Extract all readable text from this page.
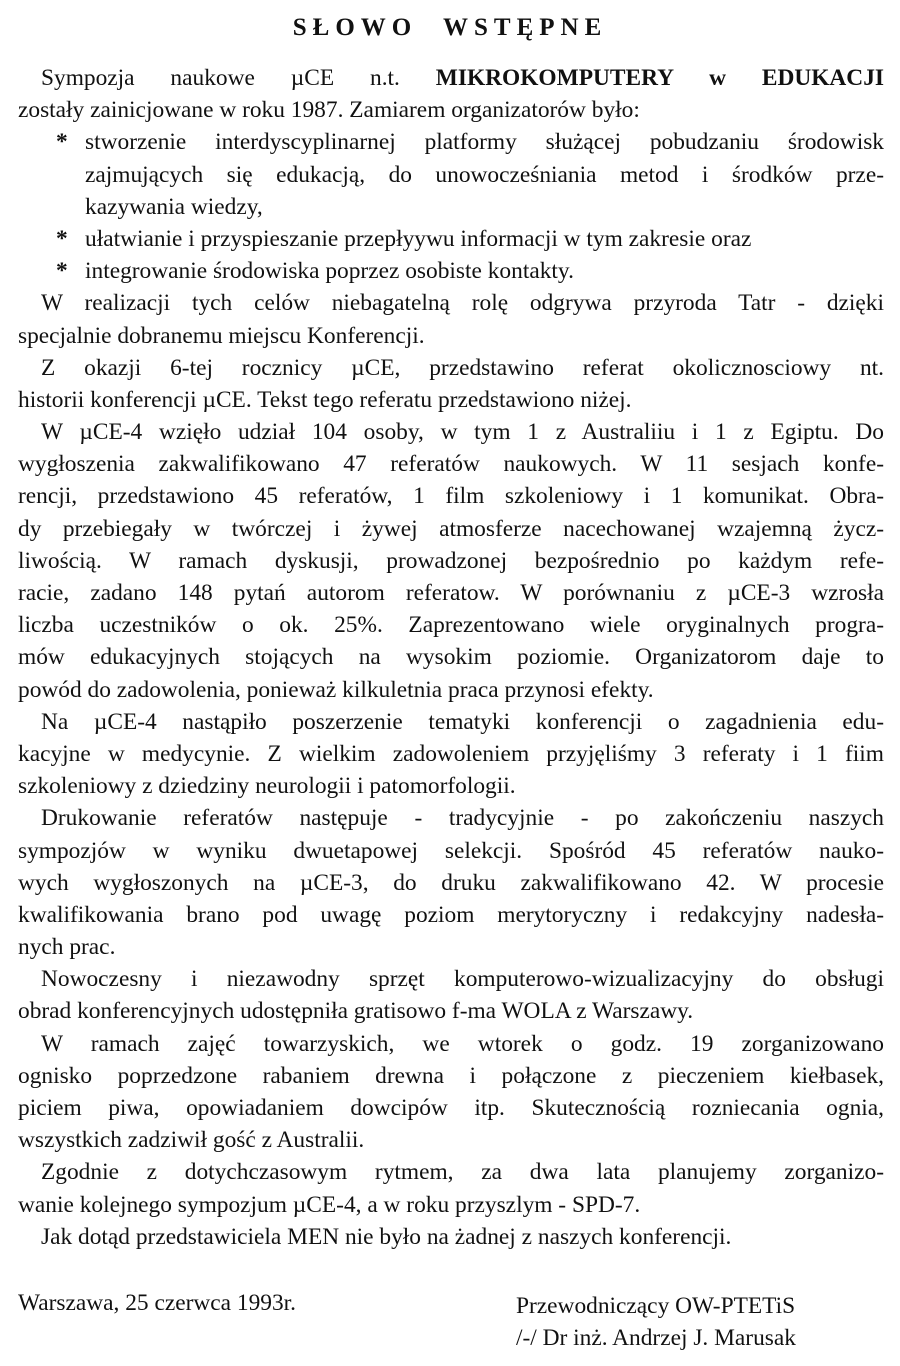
SŁOWO WSTĘPNE
Sympozja naukowe µCE n.t. MIKROKOMPUTERY w EDUKACJI
zostały zainicjowane w roku 1987. Zamiarem organizatorów było:
* stworzenie interdyscyplinarnej platformy służącej pobudzaniu środowisk
zajmujących się edukacją, do unowocześniania metod i środków prze-
kazywania wiedzy,
* ułatwianie i przyspieszanie przepłyywu informacji w tym zakresie oraz
* integrowanie środowiska poprzez osobiste kontakty.
W realizacji tych celów niebagatelną rolę odgrywa przyroda Tatr - dzięki
specjalnie dobranemu miejscu Konferencji.
Z okazji 6-tej rocznicy µCE, przedstawino referat okolicznosciowy nt.
historii konferencji µCE. Tekst tego referatu przedstawiono niżej.
W µCE-4 wzięło udział 104 osoby, w tym 1 z Australiiu i 1 z Egiptu. Do
wygłoszenia zakwalifikowano 47 referatów naukowych. W 11 sesjach konfe-
rencji, przedstawiono 45 referatów, 1 film szkoleniowy i 1 komunikat. Obra-
dy przebiegały w twórczej i żywej atmosferze nacechowanej wzajemną życz-
liwością. W ramach dyskusji, prowadzonej bezpośrednio po każdym refe-
racie, zadano 148 pytań autorom referatow. W porównaniu z µCE-3 wzrosła
liczba uczestników o ok. 25%. Zaprezentowano wiele oryginalnych progra-
mów edukacyjnych stojących na wysokim poziomie. Organizatorom daje to
powód do zadowolenia, ponieważ kilkuletnia praca przynosi efekty.
Na µCE-4 nastąpiło poszerzenie tematyki konferencji o zagadnienia edu-
kacyjne w medycynie. Z wielkim zadowoleniem przyjęliśmy 3 referaty i 1 fiim
szkoleniowy z dziedziny neurologii i patomorfologii.
Drukowanie referatów następuje - tradycyjnie - po zakończeniu naszych
sympozjów w wyniku dwuetapowej selekcji. Spośród 45 referatów nauko-
wych wygłoszonych na µCE-3, do druku zakwalifikowano 42. W procesie
kwalifikowania brano pod uwagę poziom merytoryczny i redakcyjny nadesła-
nych prac.
Nowoczesny i niezawodny sprzęt komputerowo-wizualizacyjny do obsługi
obrad konferencyjnych udostępniła gratisowo f-ma WOLA z Warszawy.
W ramach zajęć towarzyskich, we wtorek o godz. 19 zorganizowano
ognisko poprzedzone rabaniem drewna i połączone z pieczeniem kiełbasek,
piciem piwa, opowiadaniem dowcipów itp. Skutecznością rozniecania ognia,
wszystkich zadziwił gość z Australii.
Zgodnie z dotychczasowym rytmem, za dwa lata planujemy zorganizo-
wanie kolejnego sympozjum µCE-4, a w roku przyszlym - SPD-7.
Jak dotąd przedstawiciela MEN nie było na żadnej z naszych konferencji.
Warszawa, 25 czerwca 1993r.	Przewodniczący OW-PTETiS
/-/ Dr inż. Andrzej J. Marusak
